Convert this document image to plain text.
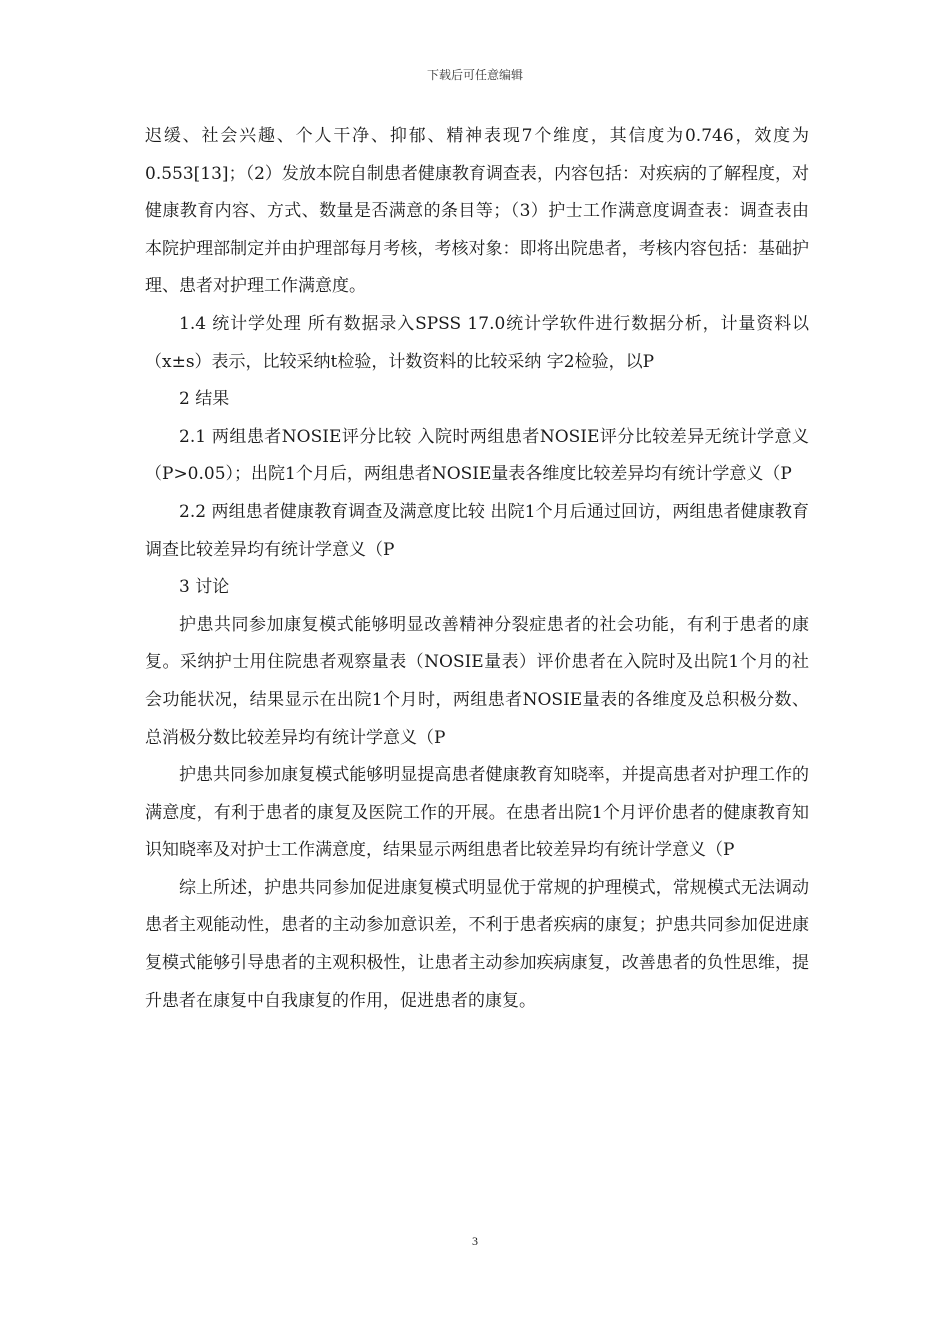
下载后可任意编辑

迟缓、社会兴趣、个人干净、抑郁、精神表现7个维度，其信度为0.746，效度为0.553[13]；（2）发放本院自制患者健康教育调查表，内容包括：对疾病的了解程度，对健康教育内容、方式、数量是否满意的条目等；（3）护士工作满意度调查表：调查表由本院护理部制定并由护理部每月考核，考核对象：即将出院患者，考核内容包括：基础护理、患者对护理工作满意度。

1.4 统计学处理 所有数据录入SPSS 17.0统计学软件进行数据分析，计量资料以（x±s）表示，比较采纳t检验，计数资料的比较采纳 字2检验，以P

2 结果

2.1 两组患者NOSIE评分比较 入院时两组患者NOSIE评分比较差异无统计学意义（P>0.05）；出院1个月后，两组患者NOSIE量表各维度比较差异均有统计学意义（P

2.2 两组患者健康教育调查及满意度比较 出院1个月后通过回访，两组患者健康教育调查比较差异均有统计学意义（P

3 讨论

护患共同参加康复模式能够明显改善精神分裂症患者的社会功能，有利于患者的康复。采纳护士用住院患者观察量表（NOSIE量表）评价患者在入院时及出院1个月的社会功能状况，结果显示在出院1个月时，两组患者NOSIE量表的各维度及总积极分数、总消极分数比较差异均有统计学意义（P

护患共同参加康复模式能够明显提高患者健康教育知晓率，并提高患者对护理工作的满意度，有利于患者的康复及医院工作的开展。在患者出院1个月评价患者的健康教育知识知晓率及对护士工作满意度，结果显示两组患者比较差异均有统计学意义（P

综上所述，护患共同参加促进康复模式明显优于常规的护理模式，常规模式无法调动患者主观能动性，患者的主动参加意识差，不利于患者疾病的康复；护患共同参加促进康复模式能够引导患者的主观积极性，让患者主动参加疾病康复，改善患者的负性思维，提升患者在康复中自我康复的作用，促进患者的康复。

3
